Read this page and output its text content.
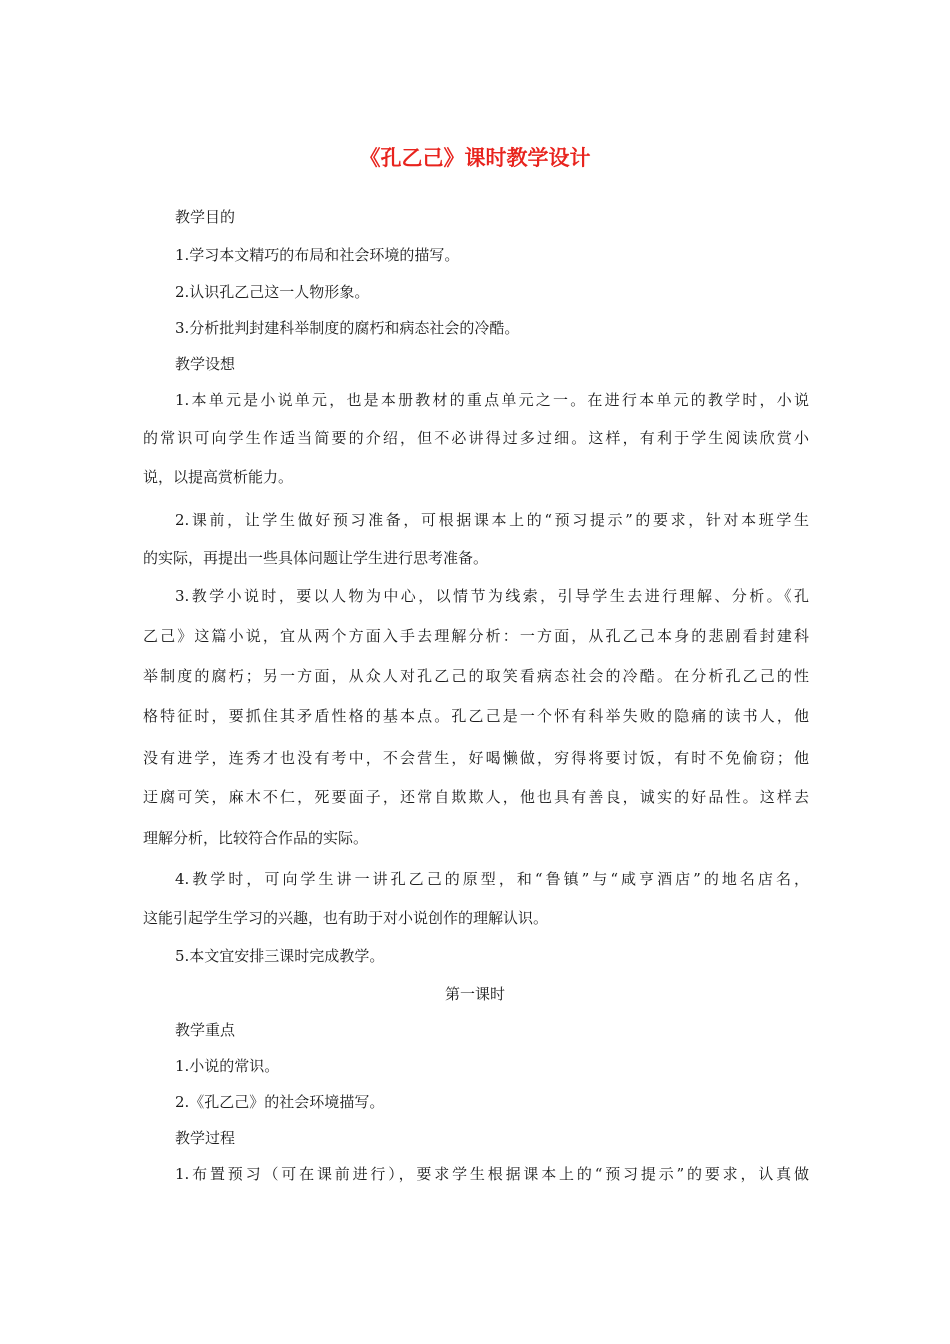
《孔乙己》课时教学设计

教学目的

1.学习本文精巧的布局和社会环境的描写。

2.认识孔乙己这一人物形象。

3.分析批判封建科举制度的腐朽和病态社会的冷酷。

教学设想

1.本单元是小说单元，也是本册教材的重点单元之一。在进行本单元的教学时，小说

的常识可向学生作适当简要的介绍，但不必讲得过多过细。这样，有利于学生阅读欣赏小

说，以提高赏析能力。

2.课前，让学生做好预习准备，可根据课本上的“预习提示”的要求，针对本班学生

的实际，再提出一些具体问题让学生进行思考准备。

3.教学小说时，要以人物为中心，以情节为线索，引导学生去进行理解、分析。《孔

乙己》这篇小说，宜从两个方面入手去理解分析：一方面，从孔乙己本身的悲剧看封建科

举制度的腐朽；另一方面，从众人对孔乙己的取笑看病态社会的冷酷。在分析孔乙己的性

格特征时，要抓住其矛盾性格的基本点。孔乙己是一个怀有科举失败的隐痛的读书人，他

没有进学，连秀才也没有考中，不会营生，好喝懒做，穷得将要讨饭，有时不免偷窃；他

迂腐可笑，麻木不仁，死要面子，还常自欺欺人，他也具有善良，诚实的好品性。这样去

理解分析，比较符合作品的实际。

4.教学时，可向学生讲一讲孔乙己的原型，和“鲁镇”与“咸亨酒店”的地名店名，

这能引起学生学习的兴趣，也有助于对小说创作的理解认识。

5.本文宜安排三课时完成教学。

第一课时

教学重点

1.小说的常识。

2.《孔乙己》的社会环境描写。

教学过程

1.布置预习（可在课前进行），要求学生根据课本上的“预习提示”的要求，认真做
